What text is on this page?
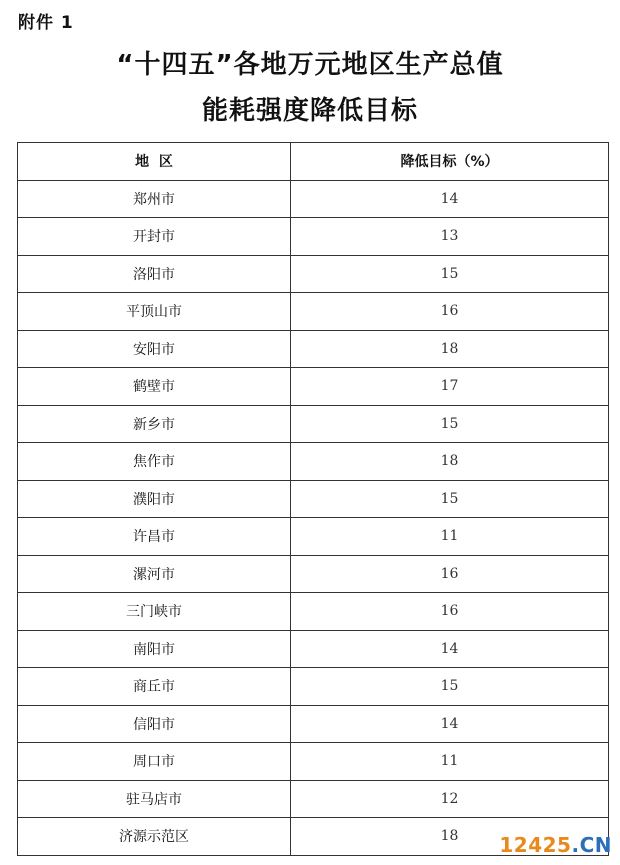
附件 1
“十四五”各地万元地区生产总值
能耗强度降低目标
地  区	降低目标（%）
郑州市	14
开封市	13
洛阳市	15
平顶山市	16
安阳市	18
鹤壁市	17
新乡市	15
焦作市	18
濮阳市	15
许昌市	11
漯河市	16
三门峡市	16
南阳市	14
商丘市	15
信阳市	14
周口市	11
驻马店市	12
济源示范区	18 12425.CN
